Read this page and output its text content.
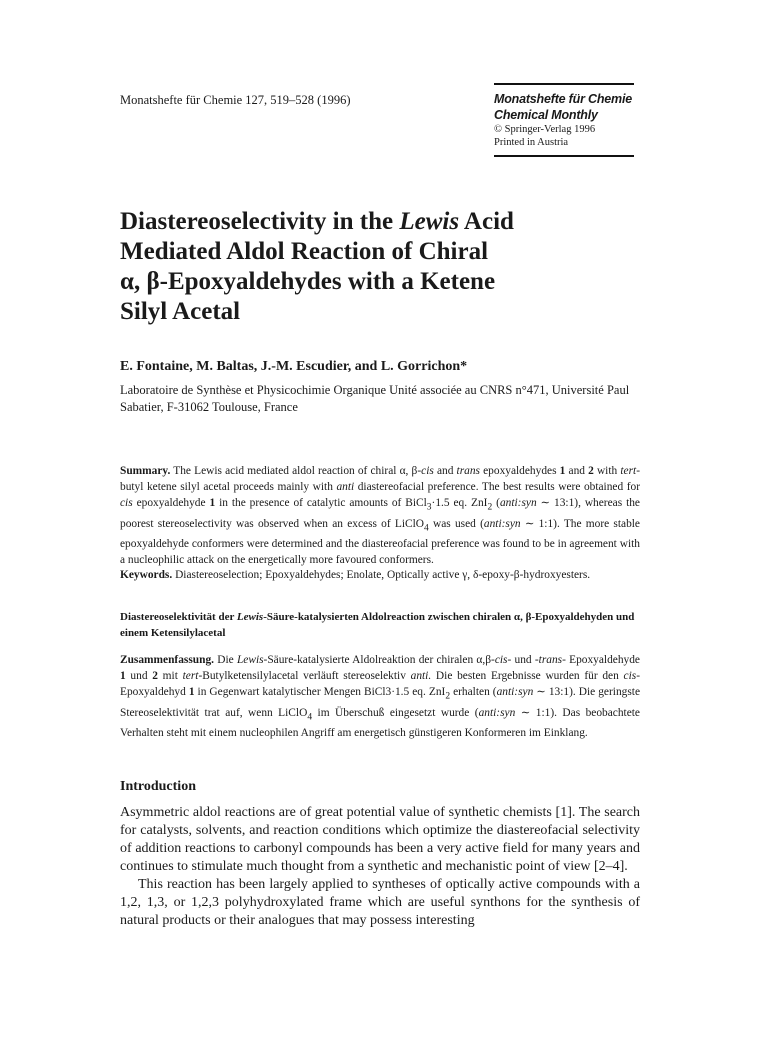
Monatshefte für Chemie 127, 519–528 (1996)	Monatshefte für Chemie
Chemical Monthly
© Springer-Verlag 1996
Printed in Austria
Diastereoselectivity in the Lewis Acid
Mediated Aldol Reaction of Chiral
α, β-Epoxyaldehydes with a Ketene
Silyl Acetal
E. Fontaine, M. Baltas, J.-M. Escudier, and L. Gorrichon*
Laboratoire de Synthèse et Physicochimie Organique Unité associée au CNRS n°471, Université Paul Sabatier, F-31062 Toulouse, France
Summary. The Lewis acid mediated aldol reaction of chiral α, β-cis and trans epoxyaldehydes 1 and 2 with tert-butyl ketene silyl acetal proceeds mainly with anti diastereofacial preference. The best results were obtained for cis epoxyaldehyde 1 in the presence of catalytic amounts of BiCl$_3$·1.5 eq. ZnI$_2$ (anti:syn ∼ 13:1), whereas the poorest stereoselectivity was observed when an excess of LiClO$_4$ was used (anti:syn ∼ 1:1). The more stable epoxyaldehyde conformers were determined and the diastereofacial preference was found to be in agreement with a nucleophilic attack on the energetically more favoured conformers.
Keywords. Diastereoselection; Epoxyaldehydes; Enolate, Optically active γ, δ-epoxy-β-hydroxyesters.
Diastereoselektivität der Lewis-Säure-katalysierten Aldolreaction zwischen chiralen α, β-Epoxyaldehyden und einem Ketensilylacetal
Zusammenfassung. Die Lewis-Säure-katalysierte Aldolreaktion der chiralen α,β-cis- und -trans- Epoxyaldehyde 1 und 2 mit tert-Butylketensilylacetal verläuft stereoselektiv anti. Die besten Ergebnisse wurden für den cis-Epoxyaldehyd 1 in Gegenwart katalytischer Mengen BiCl3·1.5 eq. ZnI$_2$ erhalten (anti:syn ∼ 13:1). Die geringste Stereoselektivität trat auf, wenn LiClO$_4$ im Überschuß eingesetzt wurde (anti:syn ∼ 1:1). Das beobachtete Verhalten steht mit einem nucleophilen Angriff am energetisch günstigeren Konformeren im Einklang.
Introduction

Asymmetric aldol reactions are of great potential value of synthetic chemists [1]. The search for catalysts, solvents, and reaction conditions which optimize the diastereofacial selectivity of addition reactions to carbonyl compounds has been a very active field for many years and continues to stimulate much thought from a synthetic and mechanistic point of view [2–4].

This reaction has been largely applied to syntheses of optically active compounds with a 1,2, 1,3, or 1,2,3 polyhydroxylated frame which are useful synthons for the synthesis of natural products or their analogues that may possess interesting
